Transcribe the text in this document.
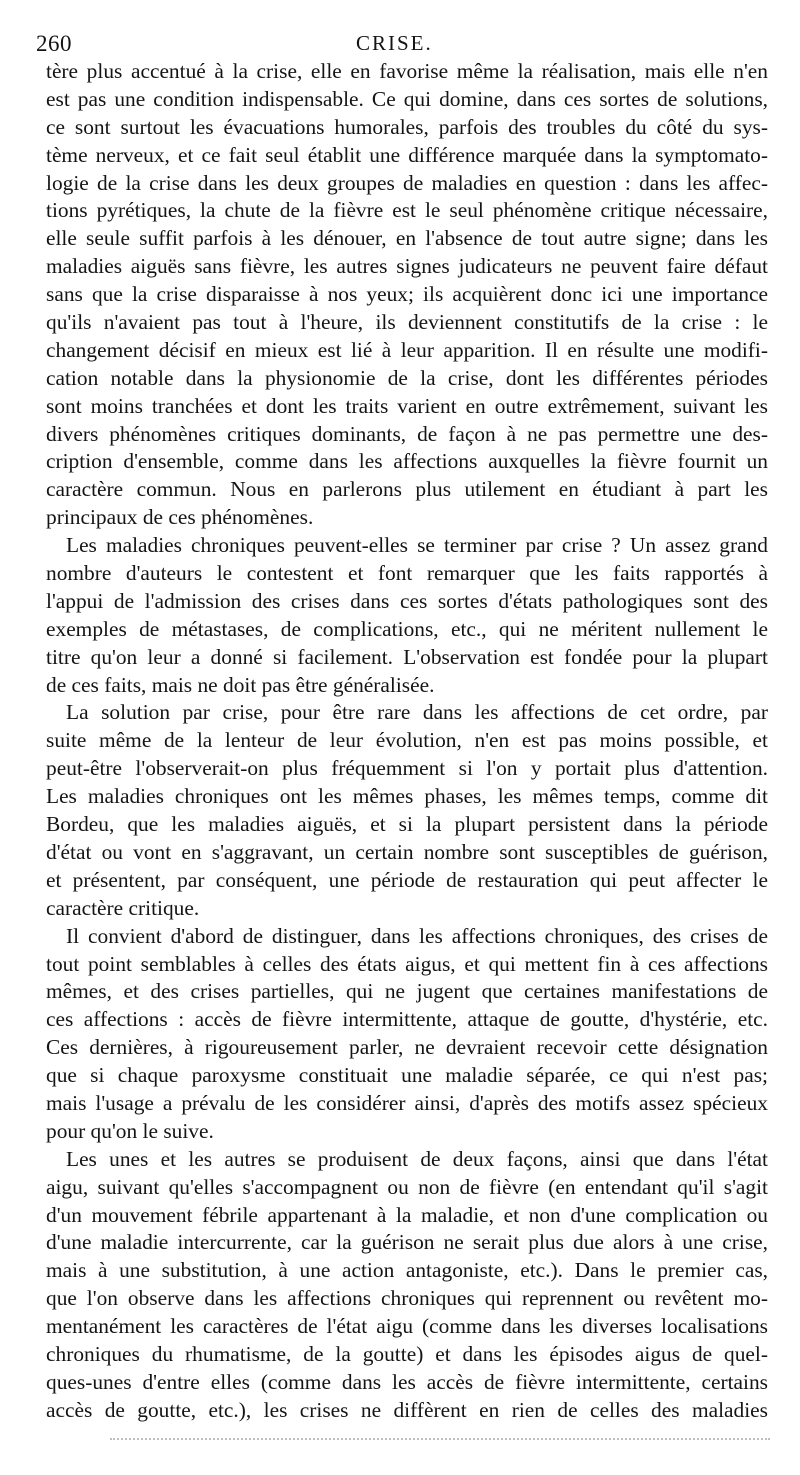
260	CRISE.
tère plus accentué à la crise, elle en favorise même la réalisation, mais elle n'en
est pas une condition indispensable. Ce qui domine, dans ces sortes de solutions,
ce sont surtout les évacuations humorales, parfois des troubles du côté du sys-
tème nerveux, et ce fait seul établit une différence marquée dans la symptomato-
logie de la crise dans les deux groupes de maladies en question : dans les affec-
tions pyrétiques, la chute de la fièvre est le seul phénomène critique nécessaire,
elle seule suffit parfois à les dénouer, en l'absence de tout autre signe; dans les
maladies aiguës sans fièvre, les autres signes judicateurs ne peuvent faire défaut
sans que la crise disparaisse à nos yeux; ils acquièrent donc ici une importance
qu'ils n'avaient pas tout à l'heure, ils deviennent constitutifs de la crise : le
changement décisif en mieux est lié à leur apparition. Il en résulte une modifi-
cation notable dans la physionomie de la crise, dont les différentes périodes
sont moins tranchées et dont les traits varient en outre extrêmement, suivant les
divers phénomènes critiques dominants, de façon à ne pas permettre une des-
cription d'ensemble, comme dans les affections auxquelles la fièvre fournit un
caractère commun. Nous en parlerons plus utilement en étudiant à part les
principaux de ces phénomènes.
Les maladies chroniques peuvent-elles se terminer par crise ? Un assez grand
nombre d'auteurs le contestent et font remarquer que les faits rapportés à
l'appui de l'admission des crises dans ces sortes d'états pathologiques sont des
exemples de métastases, de complications, etc., qui ne méritent nullement le
titre qu'on leur a donné si facilement. L'observation est fondée pour la plupart
de ces faits, mais ne doit pas être généralisée.
La solution par crise, pour être rare dans les affections de cet ordre, par
suite même de la lenteur de leur évolution, n'en est pas moins possible, et
peut-être l'observerait-on plus fréquemment si l'on y portait plus d'attention.
Les maladies chroniques ont les mêmes phases, les mêmes temps, comme dit
Bordeu, que les maladies aiguës, et si la plupart persistent dans la période
d'état ou vont en s'aggravant, un certain nombre sont susceptibles de guérison,
et présentent, par conséquent, une période de restauration qui peut affecter le
caractère critique.
Il convient d'abord de distinguer, dans les affections chroniques, des crises de
tout point semblables à celles des états aigus, et qui mettent fin à ces affections
mêmes, et des crises partielles, qui ne jugent que certaines manifestations de
ces affections : accès de fièvre intermittente, attaque de goutte, d'hystérie, etc.
Ces dernières, à rigoureusement parler, ne devraient recevoir cette désignation
que si chaque paroxysme constituait une maladie séparée, ce qui n'est pas;
mais l'usage a prévalu de les considérer ainsi, d'après des motifs assez spécieux
pour qu'on le suive.
Les unes et les autres se produisent de deux façons, ainsi que dans l'état
aigu, suivant qu'elles s'accompagnent ou non de fièvre (en entendant qu'il s'agit
d'un mouvement fébrile appartenant à la maladie, et non d'une complication ou
d'une maladie intercurrente, car la guérison ne serait plus due alors à une crise,
mais à une substitution, à une action antagoniste, etc.). Dans le premier cas,
que l'on observe dans les affections chroniques qui reprennent ou revêtent mo-
mentanément les caractères de l'état aigu (comme dans les diverses localisations
chroniques du rhumatisme, de la goutte) et dans les épisodes aigus de quel-
ques-unes d'entre elles (comme dans les accès de fièvre intermittente, certains
accès de goutte, etc.), les crises ne diffèrent en rien de celles des maladies
